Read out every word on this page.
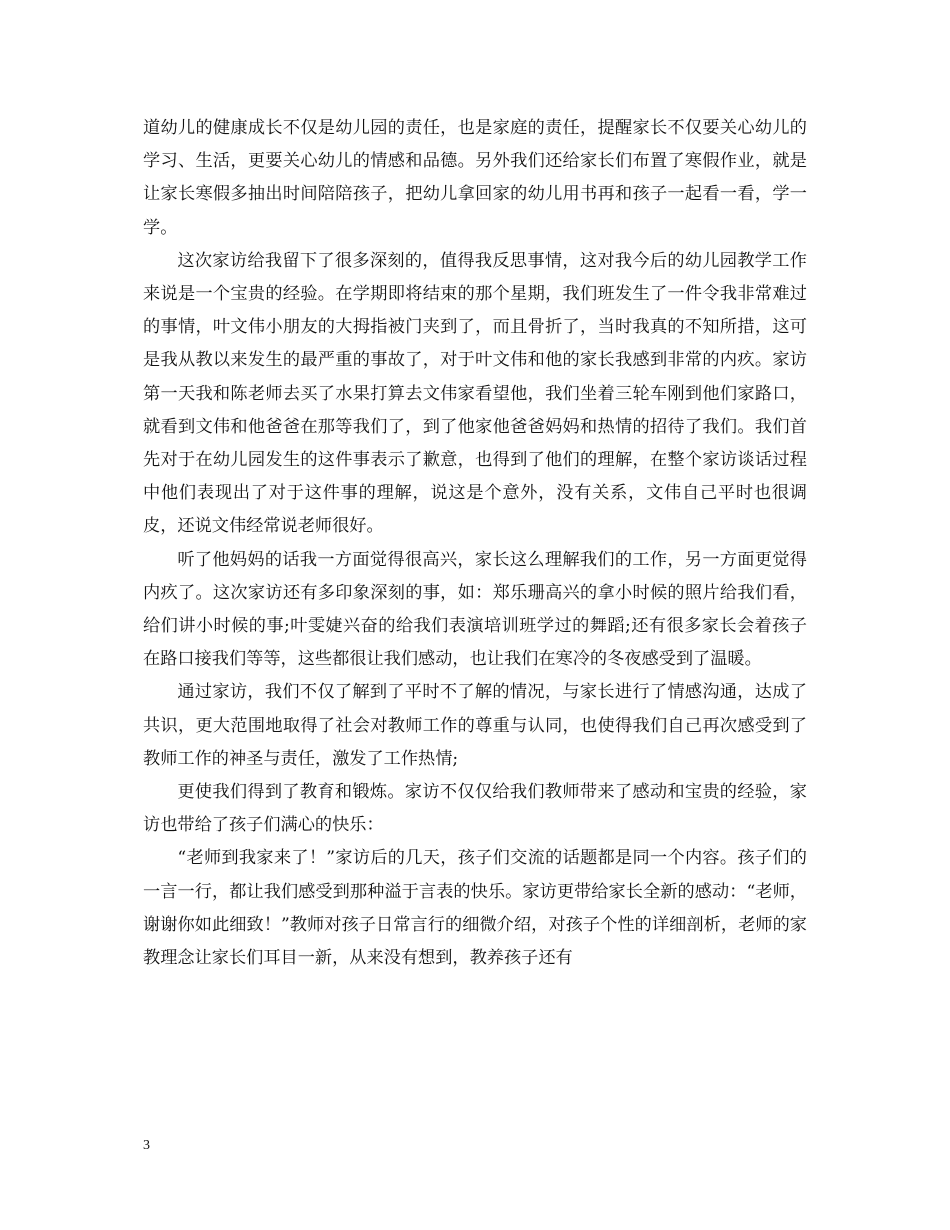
道幼儿的健康成长不仅是幼儿园的责任，也是家庭的责任，提醒家长不仅要关心幼儿的学习、生活，更要关心幼儿的情感和品德。另外我们还给家长们布置了寒假作业，就是让家长寒假多抽出时间陪陪孩子，把幼儿拿回家的幼儿用书再和孩子一起看一看，学一学。

这次家访给我留下了很多深刻的，值得我反思事情，这对我今后的幼儿园教学工作来说是一个宝贵的经验。在学期即将结束的那个星期，我们班发生了一件令我非常难过的事情，叶文伟小朋友的大拇指被门夹到了，而且骨折了，当时我真的不知所措，这可是我从教以来发生的最严重的事故了，对于叶文伟和他的家长我感到非常的内疚。家访第一天我和陈老师去买了水果打算去文伟家看望他，我们坐着三轮车刚到他们家路口，就看到文伟和他爸爸在那等我们了，到了他家他爸爸妈妈和热情的招待了我们。我们首先对于在幼儿园发生的这件事表示了歉意，也得到了他们的理解，在整个家访谈话过程中他们表现出了对于这件事的理解，说这是个意外，没有关系，文伟自己平时也很调皮，还说文伟经常说老师很好。

听了他妈妈的话我一方面觉得很高兴，家长这么理解我们的工作，另一方面更觉得内疚了。这次家访还有多印象深刻的事，如：郑乐珊高兴的拿小时候的照片给我们看，给们讲小时候的事;叶雯婕兴奋的给我们表演培训班学过的舞蹈;还有很多家长会着孩子在路口接我们等等，这些都很让我们感动，也让我们在寒冷的冬夜感受到了温暖。

通过家访，我们不仅了解到了平时不了解的情况，与家长进行了情感沟通，达成了共识，更大范围地取得了社会对教师工作的尊重与认同，也使得我们自己再次感受到了教师工作的神圣与责任，激发了工作热情;

更使我们得到了教育和锻炼。家访不仅仅给我们教师带来了感动和宝贵的经验，家访也带给了孩子们满心的快乐：

“老师到我家来了！”家访后的几天，孩子们交流的话题都是同一个内容。孩子们的一言一行，都让我们感受到那种溢于言表的快乐。家访更带给家长全新的感动：“老师，谢谢你如此细致！”教师对孩子日常言行的细微介绍，对孩子个性的详细剖析，老师的家教理念让家长们耳目一新，从来没有想到，教养孩子还有

3
